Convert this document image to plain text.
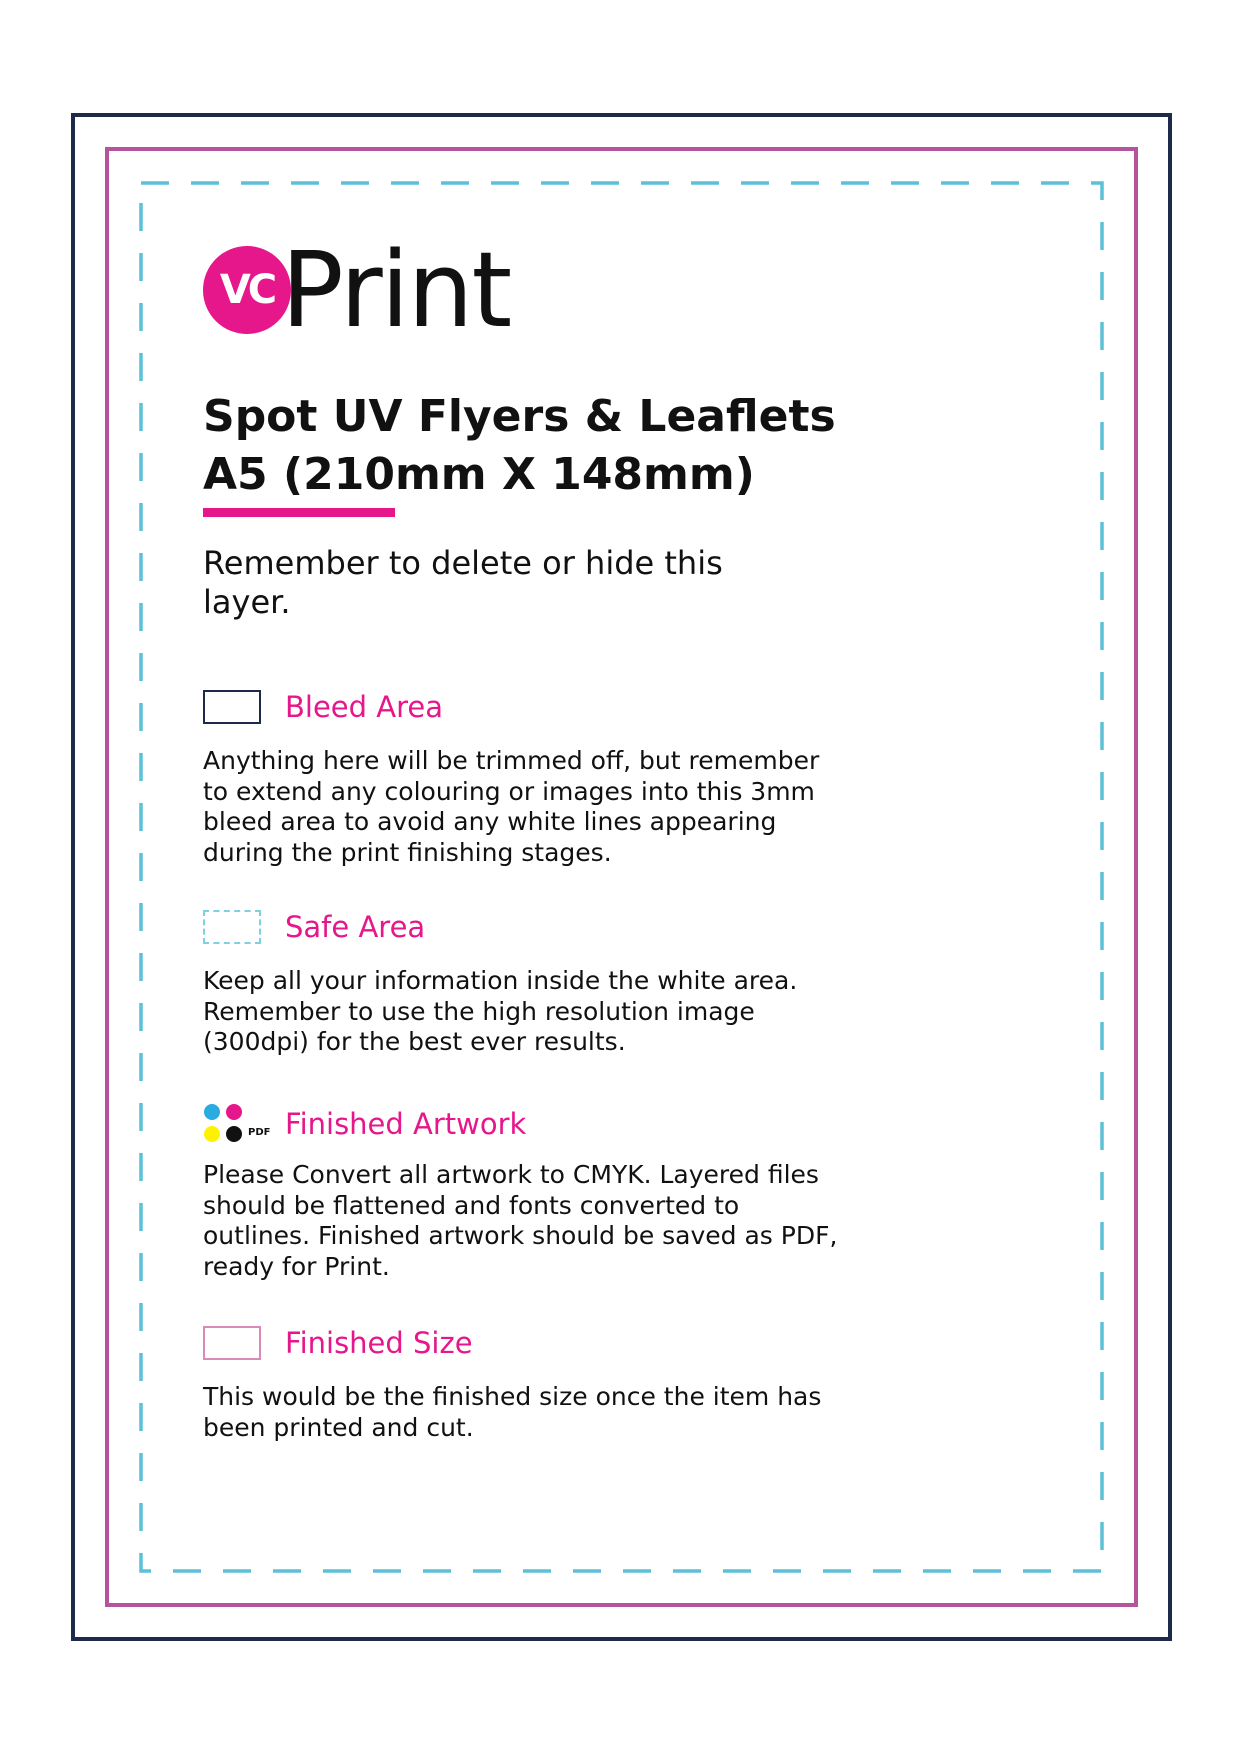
VC Print
Spot UV Flyers & Leaflets
A5 (210mm X 148mm)
Remember to delete or hide this layer.
Bleed Area
Anything here will be trimmed off, but remember to extend any colouring or images into this 3mm bleed area to avoid any white lines appearing during the print finishing stages.
Safe Area
Keep all your information inside the white area. Remember to use the high resolution image (300dpi) for the best ever results.
PDF Finished Artwork
Please Convert all artwork to CMYK. Layered files should be flattened and fonts converted to outlines. Finished artwork should be saved as PDF, ready for Print.
Finished Size
This would be the finished size once the item has been printed and cut.
